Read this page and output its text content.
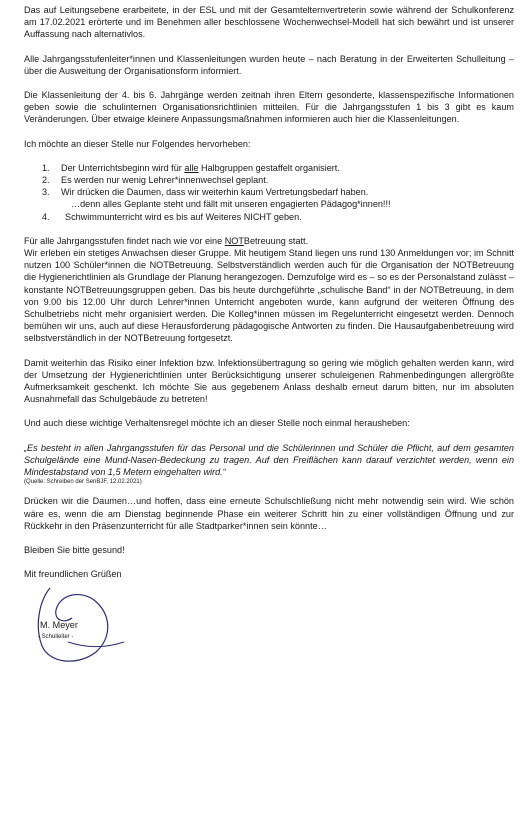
Das auf Leitungsebene erarbeitete, in der ESL und mit der Gesamtelternvertreterin sowie während der Schulkonferenz am 17.02.2021 erörterte und im Benehmen aller beschlossene Wochenwechsel-Modell hat sich bewährt und ist unserer Auffassung nach alternativlos.

Alle Jahrgangsstufenleiter*innen und Klassenleitungen wurden heute – nach Beratung in der Erweiterten Schulleitung – über die Ausweitung der Organisationsform informiert.

Die Klassenleitung der 4. bis 6. Jahrgänge werden zeitnah ihren Eltern gesonderte, klassenspezifische Informationen geben sowie die schulinternen Organisationsrichtlinien mitteilen. Für die Jahrgangsstufen 1 bis 3 gibt es kaum Veränderungen. Über etwaige kleinere Anpassungsmaßnahmen informieren auch hier die Klassenleitungen.

Ich möchte an dieser Stelle nur Folgendes hervorheben:

1. Der Unterrichtsbeginn wird für alle Halbgruppen gestaffelt organisiert.
2. Es werden nur wenig Lehrer*innenwechsel geplant.
3. Wir drücken die Daumen, dass wir weiterhin kaum Vertretungsbedarf haben.
…denn alles Geplante steht und fällt mit unseren engagierten Pädagog*innen!!!
4. Schwimmunterricht wird es bis auf Weiteres NICHT geben.

Für alle Jahrgangsstufen findet nach wie vor eine NOTBetreuung statt.

Wir erleben ein stetiges Anwachsen dieser Gruppe. Mit heutigem Stand liegen uns rund 130 Anmeldungen vor; im Schnitt nutzen 100 Schüler*innen die NOTBetreuung. Selbstverständlich werden auch für die Organisation der NOTBetreuung die Hygienerichtlinien als Grundlage der Planung herangezogen. Demzufolge wird es – so es der Personalstand zulässt – konstante NOTBetreuungsgruppen geben. Das bis heute durchgeführte „schulische Band“ in der NOTBetreuung, in dem von 9.00 bis 12.00 Uhr durch Lehrer*innen Unterricht angeboten wurde, kann aufgrund der weiteren Öffnung des Schulbetriebs nicht mehr organisiert werden. Die Kolleg*innen müssen im Regelunterricht eingesetzt werden. Dennoch bemühen wir uns, auch auf diese Herausforderung pädagogische Antworten zu finden. Die Hausaufgabenbetreuung wird selbstverständlich in der NOTBetreuung fortgesetzt.

Damit weiterhin das Risiko einer Infektion bzw. Infektionsübertragung so gering wie möglich gehalten werden kann, wird der Umsetzung der Hygienerichtlinien unter Berücksichtigung unserer schuleigenen Rahmenbedingungen allergrößte Aufmerksamkeit geschenkt. Ich möchte Sie aus gegebenem Anlass deshalb erneut darum bitten, nur im absoluten Ausnahmefall das Schulgebäude zu betreten!

Und auch diese wichtige Verhaltensregel möchte ich an dieser Stelle noch einmal herausheben:

„Es besteht in allen Jahrgangsstufen für das Personal und die Schülerinnen und Schüler die Pflicht, auf dem gesamten Schulgelände eine Mund-Nasen-Bedeckung zu tragen. Auf den Freiflächen kann darauf verzichtet werden, wenn ein Mindestabstand von 1,5 Metern eingehalten wird.“

(Quelle: Schreiben der SenBJF, 12.02.2021)

Drücken wir die Daumen…und hoffen, dass eine erneute Schulschließung nicht mehr notwendig sein wird. Wie schön wäre es, wenn die am Dienstag beginnende Phase ein weiterer Schritt hin zu einer vollständigen Öffnung und zur Rückkehr in den Präsenzunterricht für alle Stadtparker*innen sein könnte…

Bleiben Sie bitte gesund!

Mit freundlichen Grüßen

M. Meyer
- Schulleiter -
